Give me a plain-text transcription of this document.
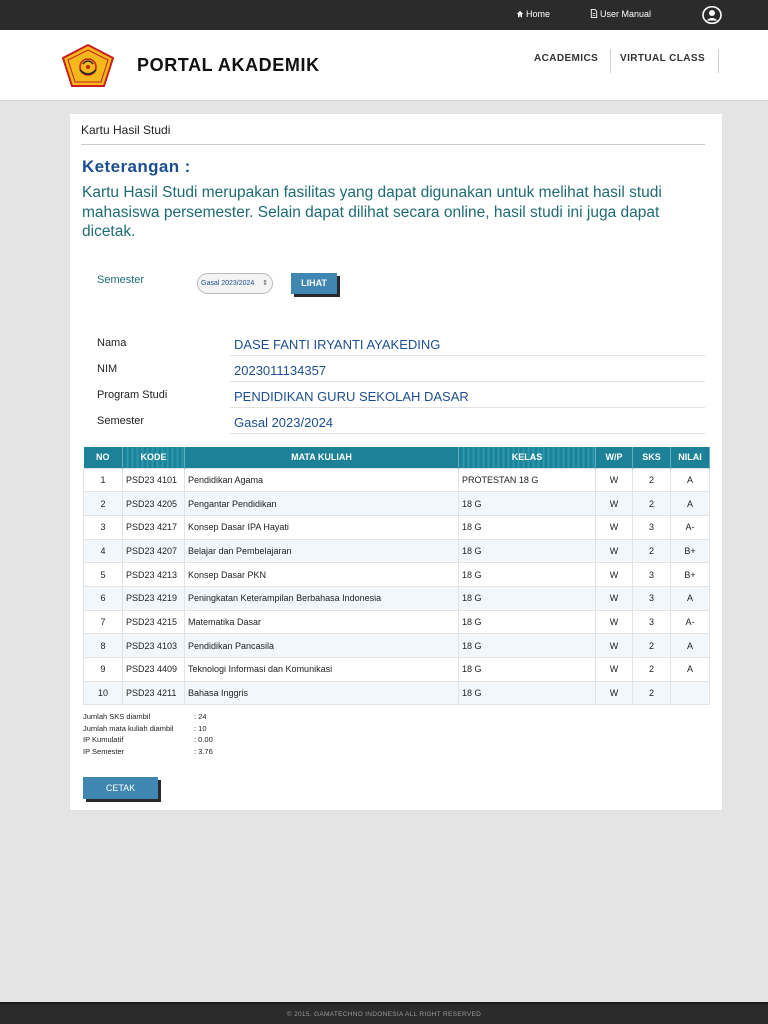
Home	User Manual
PORTAL AKADEMIK	ACADEMICS VIRTUAL CLASS
Kartu Hasil Studi
Keterangan :
Kartu Hasil Studi merupakan fasilitas yang dapat digunakan untuk melihat hasil studi mahasiswa persemester. Selain dapat dilihat secara online, hasil studi ini juga dapat dicetak.
Semester	Gasal 2023/2024 ⇕	LIHAT
Nama	DASE FANTI IRYANTI AYAKEDING
NIM	2023011134357
Program Studi	PENDIDIKAN GURU SEKOLAH DASAR
Semester	Gasal 2023/2024
NO	KODE	MATA KULIAH	KELAS	W/P	SKS	NILAI
1	PSD23 4101	Pendidikan Agama	PROTESTAN 18 G	W	2	A
2	PSD23 4205	Pengantar Pendidikan	18 G	W	2	A
3	PSD23 4217	Konsep Dasar IPA Hayati	18 G	W	3	A-
4	PSD23 4207	Belajar dan Pembelajaran	18 G	W	2	B+
5	PSD23 4213	Konsep Dasar PKN	18 G	W	3	B+
6	PSD23 4219	Peningkatan Keterampilan Berbahasa Indonesia	18 G	W	3	A
7	PSD23 4215	Matematika Dasar	18 G	W	3	A-
8	PSD23 4103	Pendidikan Pancasila	18 G	W	2	A
9	PSD23 4409	Teknologi Informasi dan Komunikasi	18 G	W	2	A
10	PSD23 4211	Bahasa Inggris	18 G	W	2	
Jumlah SKS diambil	: 24
Jumlah mata kuliah diambil	: 10
IP Kumulatif	: 0.00
IP Semester	: 3.76
CETAK
© 2015. GAMATECHNO INDONESIA ALL RIGHT RESERVED
